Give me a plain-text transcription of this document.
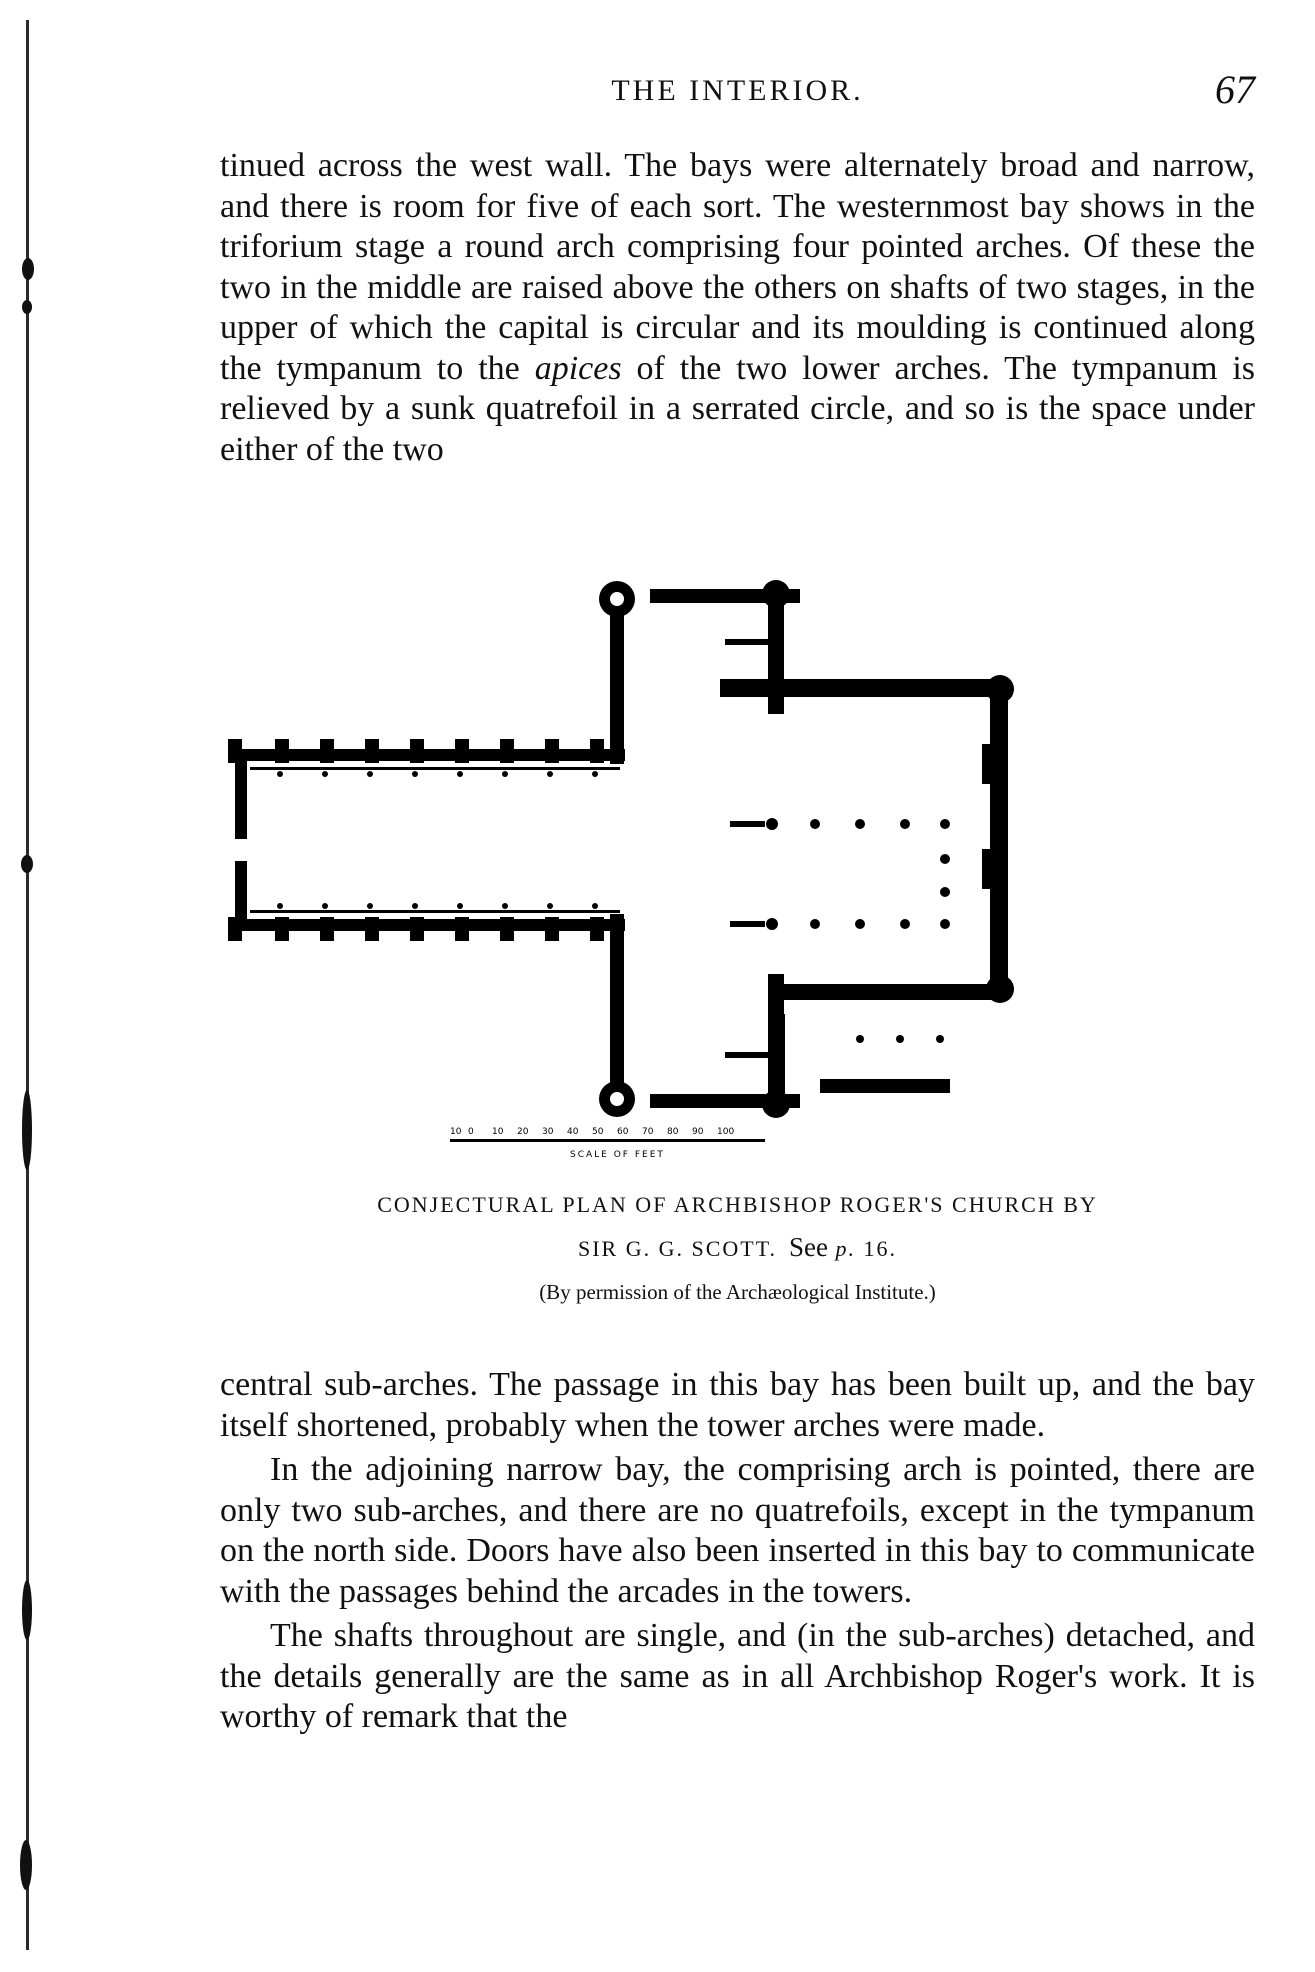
THE INTERIOR.	67

tinued across the west wall. The bays were alternately broad and narrow, and there is room for five of each sort. The westernmost bay shows in the triforium stage a round arch comprising four pointed arches. Of these the two in the middle are raised above the others on shafts of two stages, in the upper of which the capital is circular and its moulding is continued along the tympanum to the apices of the two lower arches. The tympanum is relieved by a sunk quatrefoil in a serrated circle, and so is the space under either of the two

10 0 10 20 30 40 50 60 70 80 90 100
SCALE OF FEET
CONJECTURAL PLAN OF ARCHBISHOP ROGER'S CHURCH BY
SIR G. G. SCOTT. See p. 16.
(By permission of the Archæological Institute.)

central sub-arches. The passage in this bay has been built up, and the bay itself shortened, probably when the tower arches were made.

In the adjoining narrow bay, the comprising arch is pointed, there are only two sub-arches, and there are no quatrefoils, except in the tympanum on the north side. Doors have also been inserted in this bay to communicate with the passages behind the arcades in the towers.

The shafts throughout are single, and (in the sub-arches) detached, and the details generally are the same as in all Archbishop Roger's work. It is worthy of remark that the
